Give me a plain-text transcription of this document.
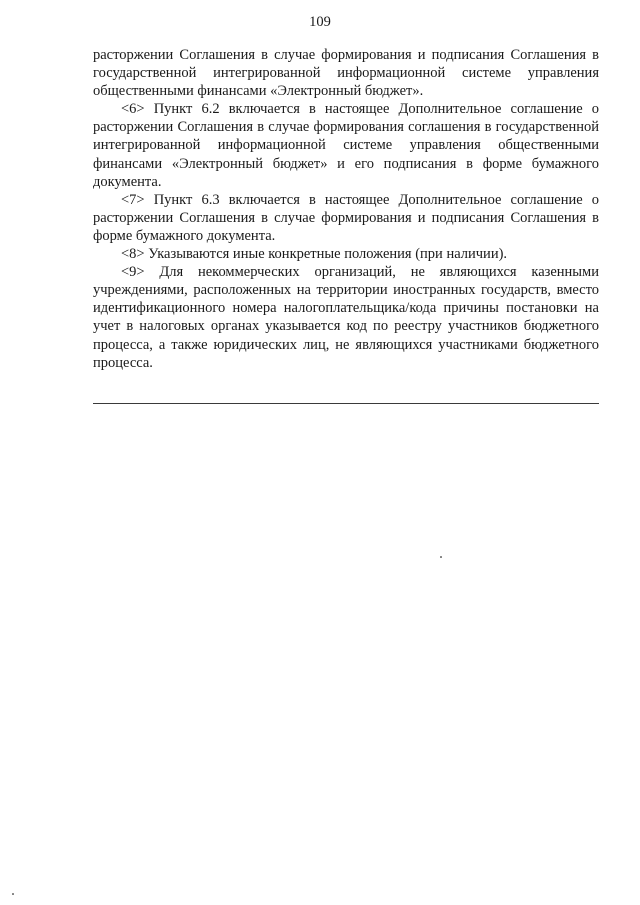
109

расторжении Соглашения в случае формирования и подписания Соглашения в государственной интегрированной информационной системе управления общественными финансами «Электронный бюджет».

<6> Пункт 6.2 включается в настоящее Дополнительное соглашение о расторжении Соглашения в случае формирования соглашения в государственной интегрированной информационной системе управления общественными финансами «Электронный бюджет» и его подписания в форме бумажного документа.

<7> Пункт 6.3 включается в настоящее Дополнительное соглашение о расторжении Соглашения в случае формирования и подписания Соглашения в форме бумажного документа.

<8> Указываются иные конкретные положения (при наличии).

<9> Для некоммерческих организаций, не являющихся казенными учреждениями, расположенных на территории иностранных государств, вместо идентификационного номера налогоплательщика/кода причины постановки на учет в налоговых органах указывается код по реестру участников бюджетного процесса, а также юридических лиц, не являющихся участниками бюджетного процесса.
